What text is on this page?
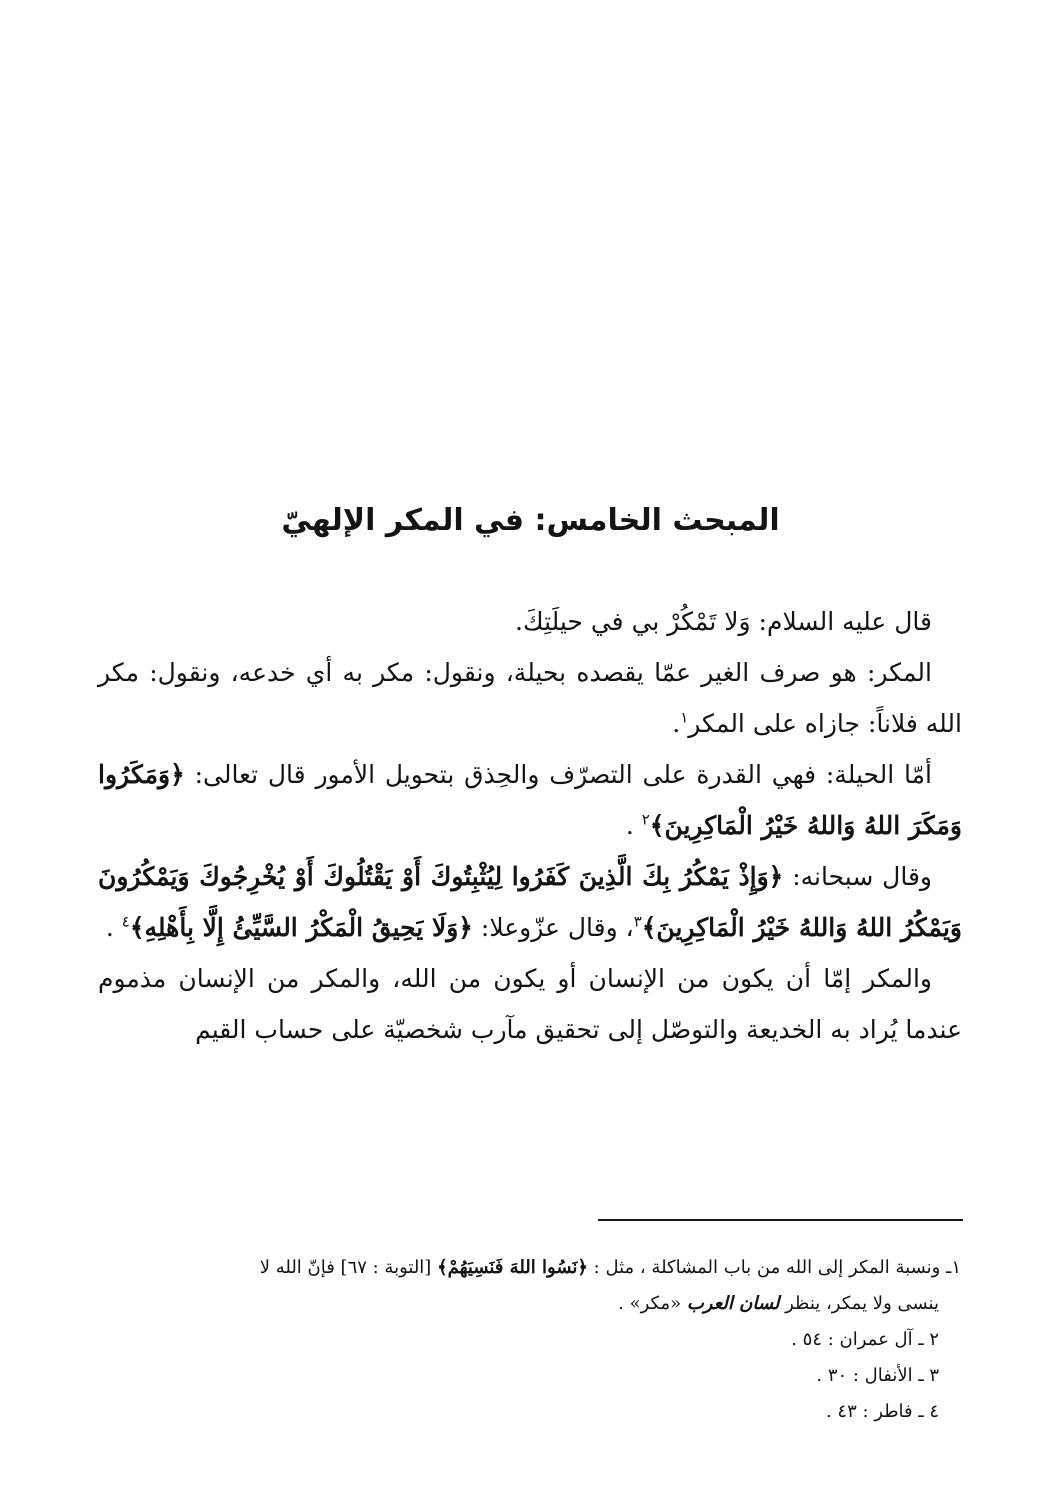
المبحث الخامس: في المكر الإلهيّ

قال عليه السلام: وَلا تَمْكُرْ بي في حيلَتِكَ.

المكر: هو صرف الغير عمّا يقصده بحيلة، ونقول: مكر به أي خدعه، ونقول: مكر الله فلاناً: جازاه على المكر$^١$.

أمّا الحيلة: فهي القدرة على التصرّف والحِذق بتحويل الأمور قال تعالى: ﴿وَمَكَرُوا وَمَكَرَ اللهُ وَاللهُ خَيْرُ الْمَاكِرِينَ﴾$^٢$ .

وقال سبحانه: ﴿وَإِذْ يَمْكُرُ بِكَ الَّذِينَ كَفَرُوا لِيُثْبِتُوكَ أَوْ يَقْتُلُوكَ أَوْ يُخْرِجُوكَ وَيَمْكُرُونَ وَيَمْكُرُ اللهُ وَاللهُ خَيْرُ الْمَاكِرِينَ﴾$^٣$، وقال عزّوعلا: ﴿وَلَا يَحِيقُ الْمَكْرُ السَّيِّئُ إِلَّا بِأَهْلِهِ﴾$^٤$ .

والمكر إمّا أن يكون من الإنسان أو يكون من الله، والمكر من الإنسان مذموم عندما يُراد به الخديعة والتوصّل إلى تحقيق مآرب شخصيّة على حساب القيم

١ـ ونسبة المكر إلى الله من باب المشاكلة ، مثل : ﴿نَسُوا اللهَ فَنَسِيَهُمْ﴾ [التوبة : ٦٧] فإنّ الله لا

ينسى ولا يمكر، ينظر لسان العرب «مكر» .

٢ ـ آل عمران : ٥٤ .

٣ ـ الأنفال : ٣٠ .

٤ ـ فاطر : ٤٣ .
